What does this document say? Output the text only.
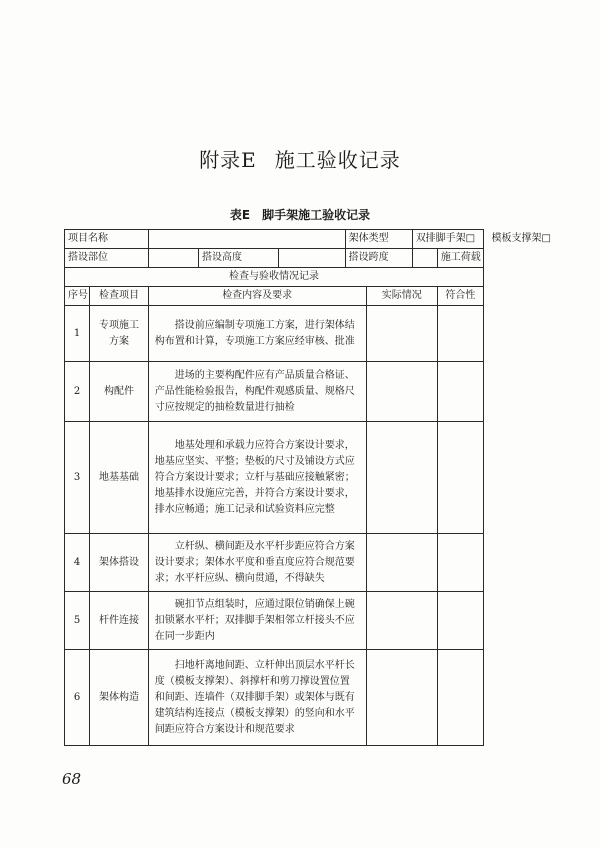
附录E 施工验收记录
表E 脚手架施工验收记录
项目名称					架体类型		双排脚手架□ 模板支撑架□	
搭设部位			搭设高度		搭设跨度			施工荷载
检查与验收情况记录								
序号	检查项目	检查内容及要求				实际情况		符合性
1	专项施工方案	搭设前应编制专项施工方案，进行架体结构布置和计算，专项施工方案应经审核、批准						

2	构配件	进场的主要构配件应有产品质量合格证、产品性能检验报告，构配件观感质量、规格尺寸应按规定的抽检数量进行抽检						

3	地基基础	地基处理和承载力应符合方案设计要求，地基应坚实、平整；垫板的尺寸及铺设方式应符合方案设计要求；立杆与基础应接触紧密；地基排水设施应完善，并符合方案设计要求，排水应畅通；施工记录和试验资料应完整						

4	架体搭设	立杆纵、横间距及水平杆步距应符合方案设计要求；架体水平度和垂直度应符合规范要求；水平杆应纵、横向贯通，不得缺失						

5	杆件连接	碗扣节点组装时，应通过限位销确保上碗扣锁紧水平杆；双排脚手架相邻立杆接头不应在同一步距内						

6	架体构造	扫地杆离地间距、立杆伸出顶层水平杆长度（模板支撑架）、斜撑杆和剪刀撑设置位置和间距、连墙件（双排脚手架）或架体与既有建筑结构连接点（模板支撑架）的竖向和水平间距应符合方案设计和规范要求						

68
